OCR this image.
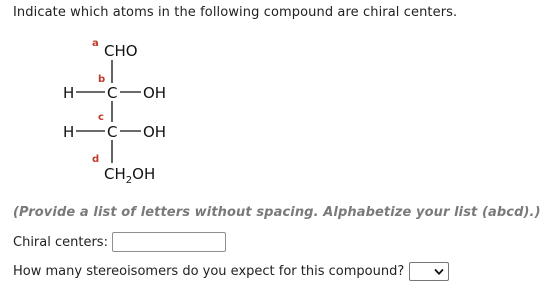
Indicate which atoms in the following compound are chiral centers.
a
b
c
d
CHO
H C OH
H C OH
$CH_2OH$
(Provide a list of letters without spacing. Alphabetize your list (abcd).)
Chiral centers:
How many stereoisomers do you expect for this compound?
